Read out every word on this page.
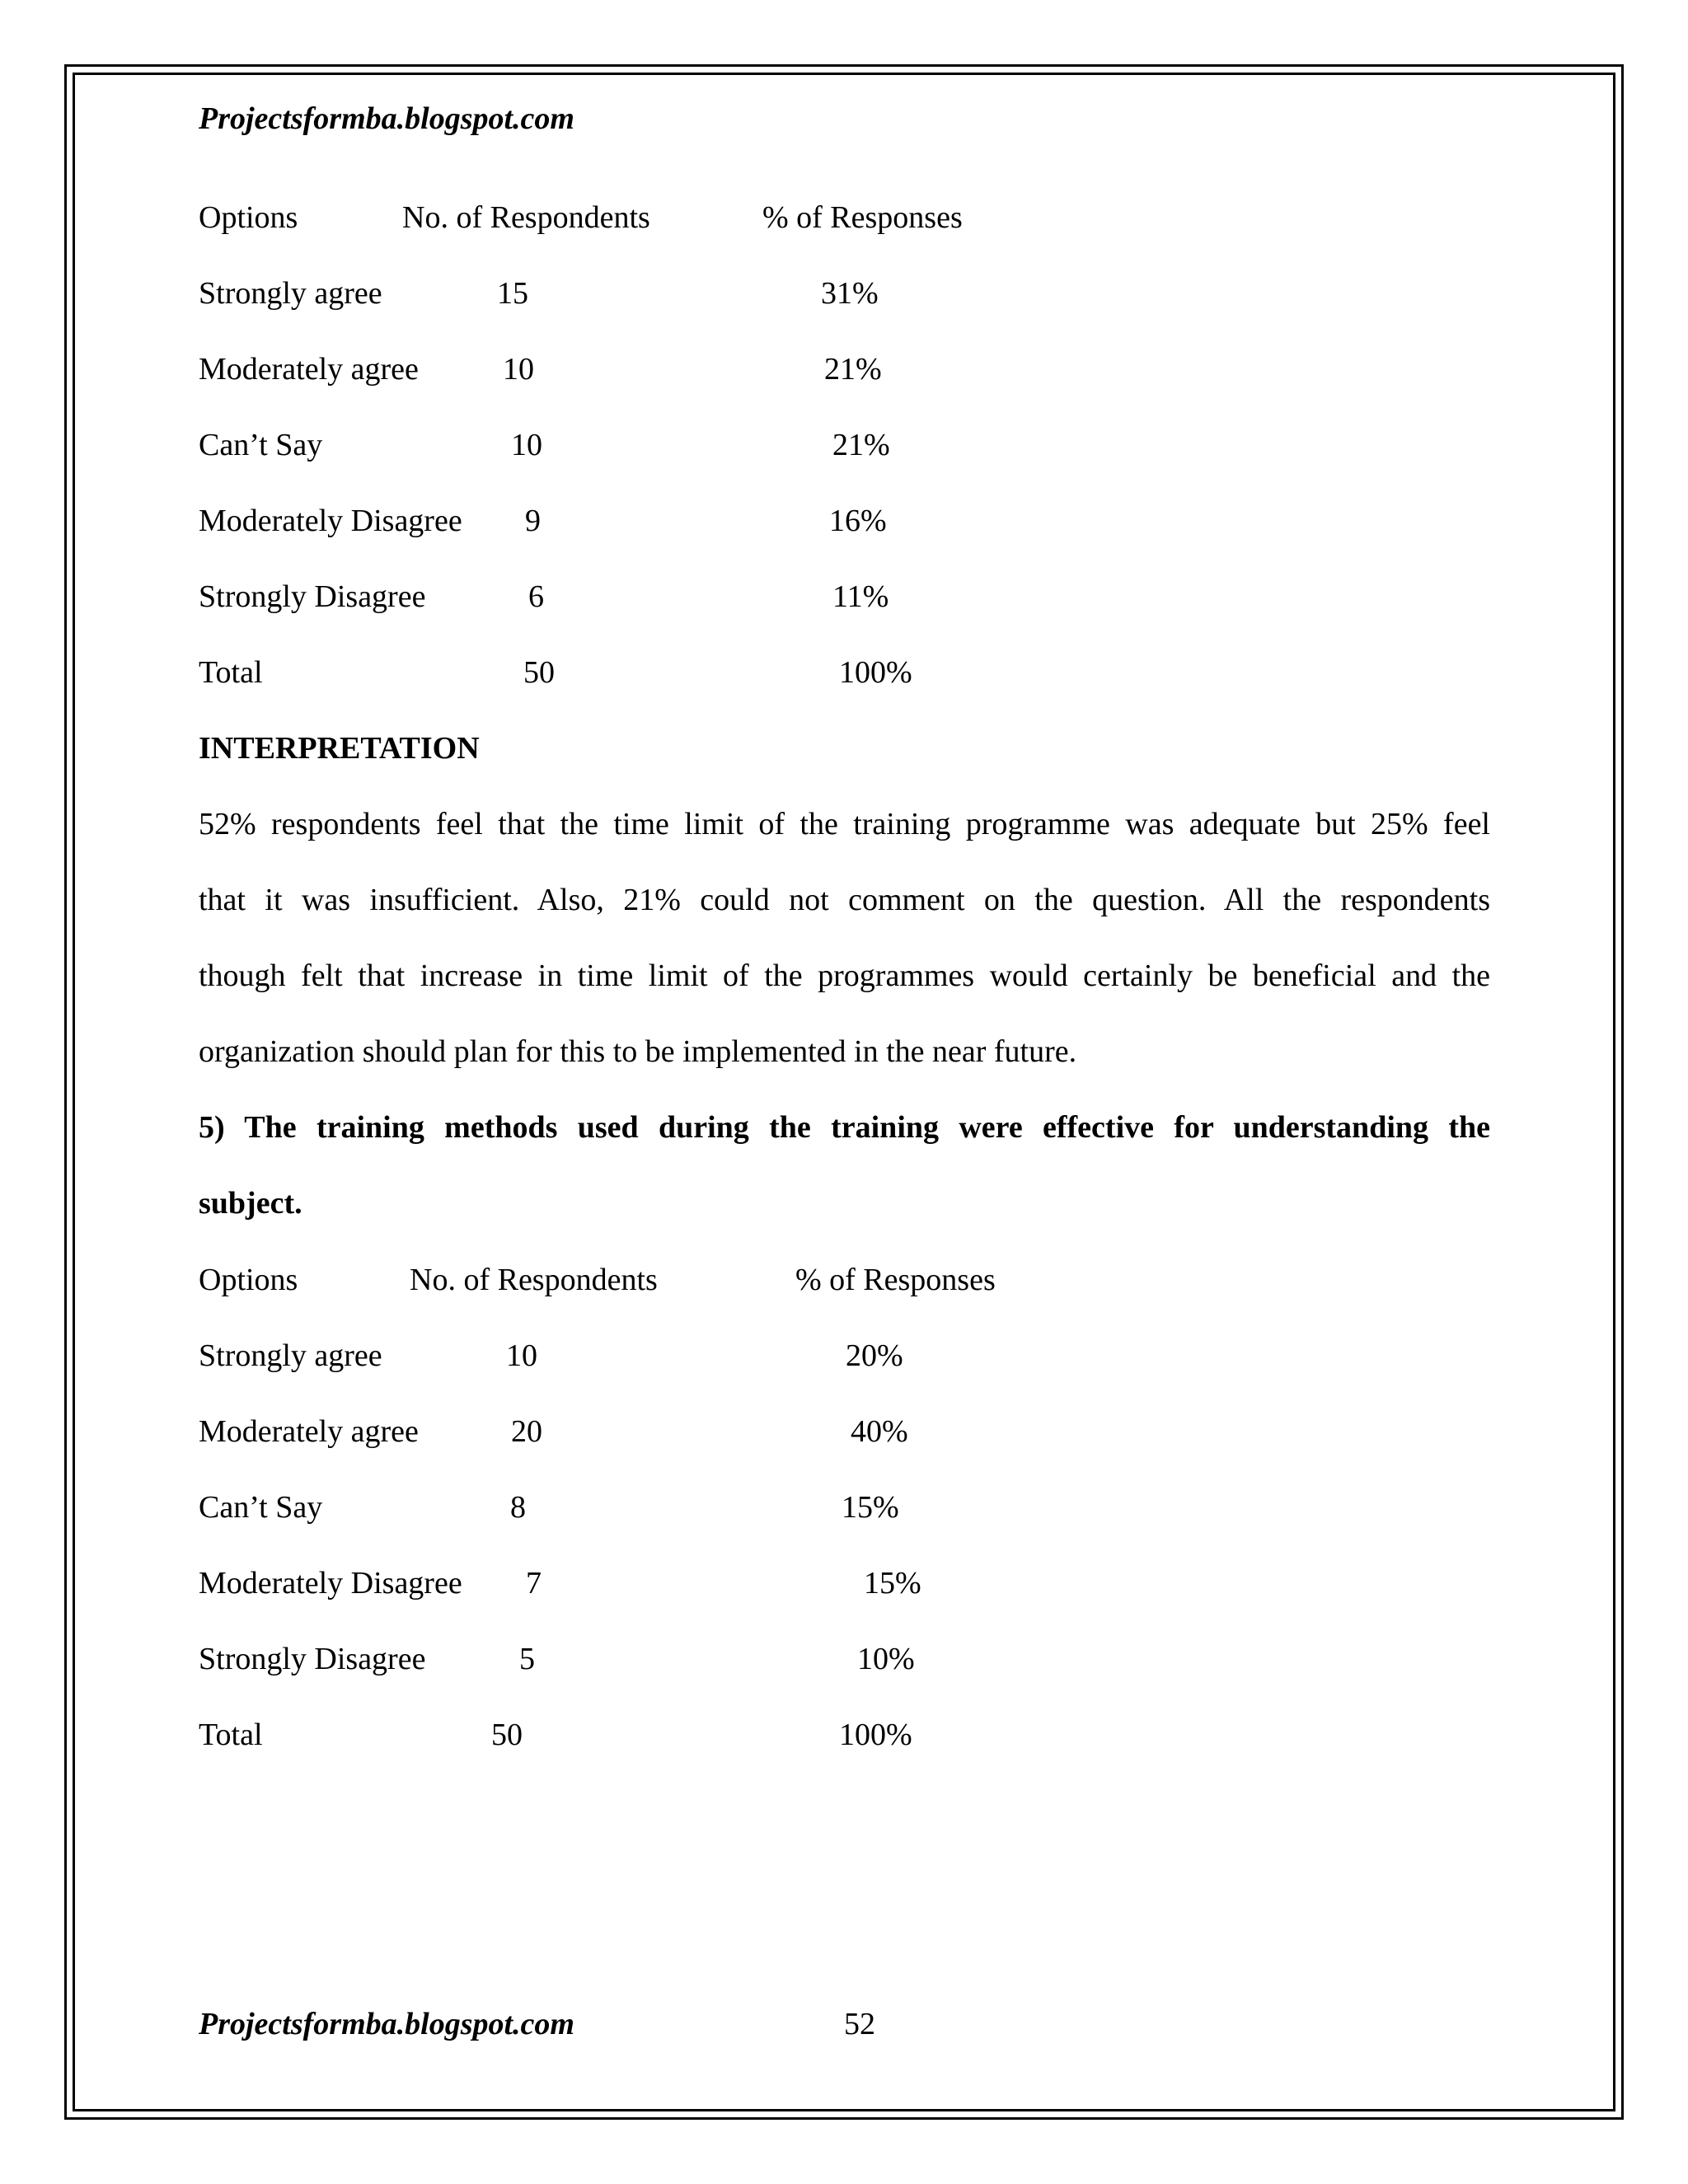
Projectsformba.blogspot.com
Options	No. of Respondents	% of Responses
Strongly agree	15	31%
Moderately agree	10	21%
Can’t Say	10	21%
Moderately Disagree 9	16%
Strongly Disagree	6	11%
Total	50	100%
INTERPRETATION
52% respondents feel that the time limit of the training programme was adequate but 25% feel
that it was insufficient. Also, 21% could not comment on the question. All the respondents
though felt that increase in time limit of the programmes would certainly be beneficial and the
organization should plan for this to be implemented in the near future.
5) The training methods used during the training were effective for understanding the
subject.
Options	No. of Respondents	% of Responses
Strongly agree	10	20%
Moderately agree	20	40%
Can’t Say	8	15%
Moderately Disagree 7	15%
Strongly Disagree	5	10%
Total	50	100%
Projectsformba.blogspot.com	52
